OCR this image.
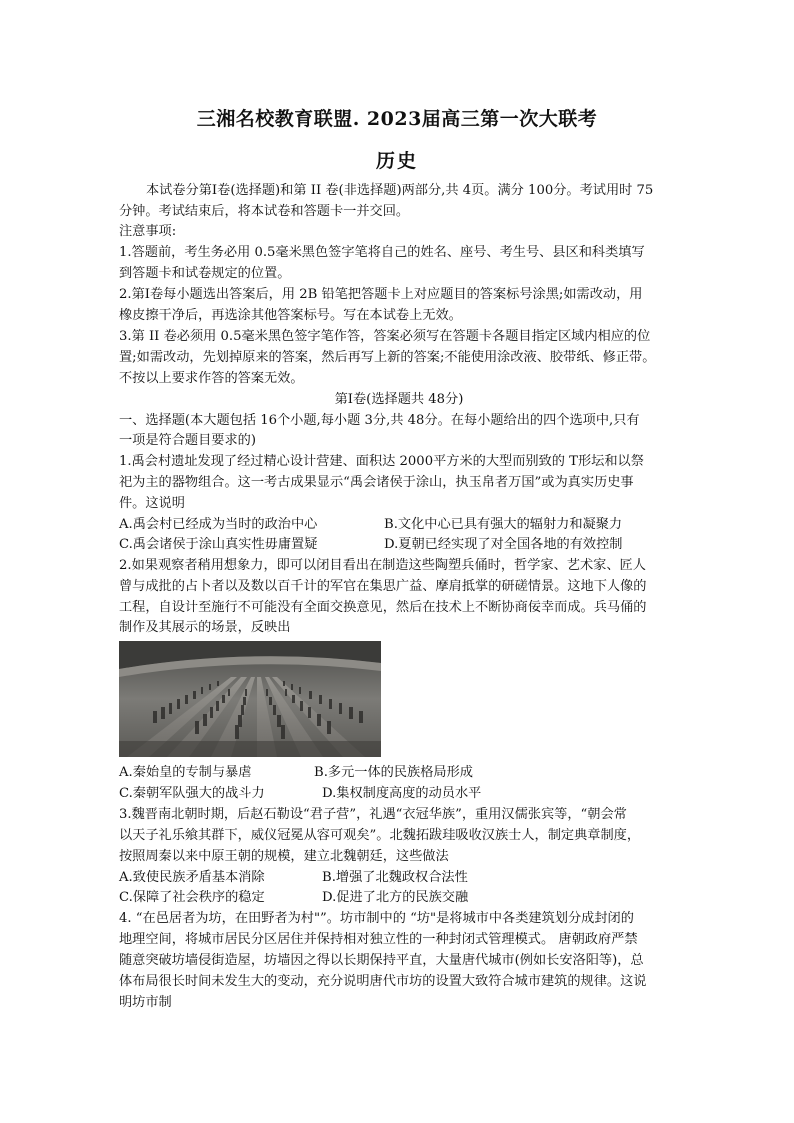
三湘名校教育联盟. 2023届高三第一次大联考
历史
本试卷分第Ⅰ卷(选择题)和第 II 卷(非选择题)两部分,共 4页。满分 100分。考试用时 75
分钟。考试结束后，将本试卷和答题卡一并交回。
注意事项:
1.答题前，考生务必用 0.5毫米黑色签字笔将自己的姓名、座号、考生号、县区和科类填写
到答题卡和试卷规定的位置。
2.第Ⅰ卷每小题选出答案后，用 2B 铅笔把答题卡上对应题目的答案标号涂黑;如需改动，用
橡皮擦干净后，再选涂其他答案标号。写在本试卷上无效。
3.第 II 卷必须用 0.5毫米黑色签字笔作答，答案必须写在答题卡各题目指定区域内相应的位
置;如需改动，先划掉原来的答案，然后再写上新的答案;不能使用涂改液、胶带纸、修正带。
不按以上要求作答的答案无效。
第Ⅰ卷(选择题共 48分)
一、选择题(本大题包括 16个小题,每小题 3分,共 48分。在每小题给出的四个选项中,只有
一项是符合题目要求的)
1.禹会村遗址发现了经过精心设计营建、面积达 2000平方米的大型而别致的 T形坛和以祭
祀为主的器物组合。这一考古成果显示“禹会诸侯于涂山，执玉帛者万国”或为真实历史事
件。这说明
A.禹会村已经成为当时的政治中心	B.文化中心已具有强大的辐射力和凝聚力
C.禹会诸侯于涂山真实性毋庸置疑	D.夏朝已经实现了对全国各地的有效控制
2.如果观察者稍用想象力，即可以闭目看出在制造这些陶塑兵俑时，哲学家、艺术家、匠人
曾与成批的占卜者以及数以百千计的军官在集思广益、摩肩抵掌的研磋情景。这地下人像的
工程，自设计至施行不可能没有全面交换意见，然后在技术上不断协商佞幸而成。兵马俑的
制作及其展示的场景，反映出
A.秦始皇的专制与暴虐	B.多元一体的民族格局形成
C.秦朝军队强大的战斗力	D.集权制度高度的动员水平
3.魏晋南北朝时期，后赵石勒设“君子营”，礼遇“衣冠华族”，重用汉儒张宾等，“朝会常
以天子礼乐飨其群下，威仪冠冕从容可观矣”。北魏拓跋珪吸收汉族士人，制定典章制度，
按照周秦以来中原王朝的规模，建立北魏朝廷，这些做法
A.致使民族矛盾基本消除	B.增强了北魏政权合法性
C.保障了社会秩序的稳定	D.促进了北方的民族交融
4. “在邑居者为坊，在田野者为村"”。坊市制中的 “坊"是将城市中各类建筑划分成封闭的
地理空间，将城市居民分区居住并保持相对独立性的一种封闭式管理模式。 唐朝政府严禁
随意突破坊墙侵街造屋，坊墙因之得以长期保持平直，大量唐代城市(例如长安洛阳等)，总
体布局很长时间未发生大的变动，充分说明唐代市坊的设置大致符合城市建筑的规律。这说
明坊市制
